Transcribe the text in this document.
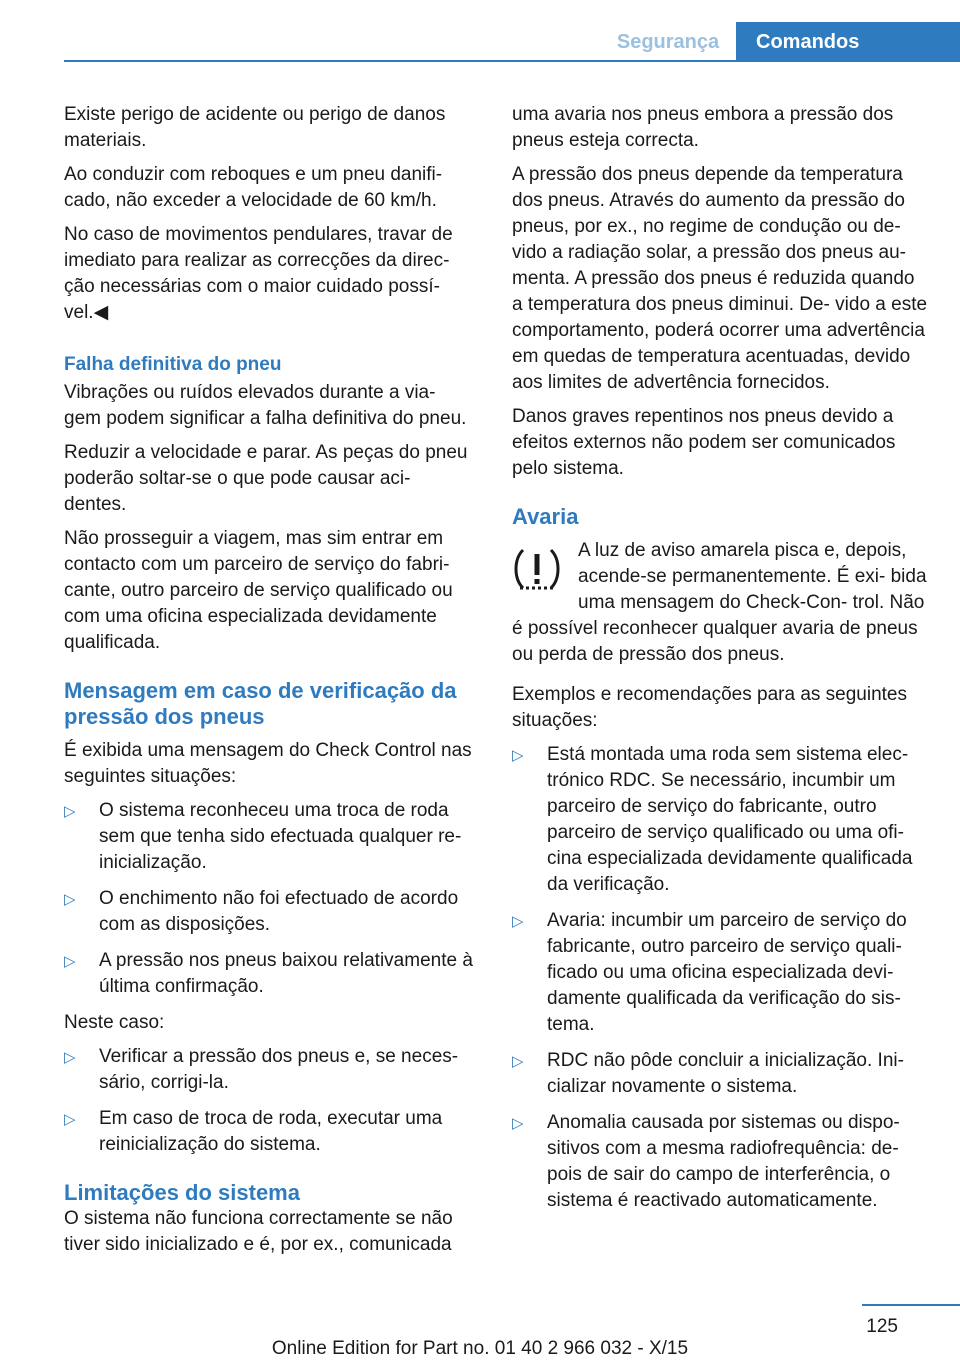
Segurança	Comandos

Existe perigo de acidente ou perigo de danos materiais.

Ao conduzir com reboques e um pneu danifi‐ cado, não exceder a velocidade de 60 km/h.

No caso de movimentos pendulares, travar de imediato para realizar as correcções da direc‐ ção necessárias com o maior cuidado possí‐ vel.◀

Falha definitiva do pneu

Vibrações ou ruídos elevados durante a via‐ gem podem significar a falha definitiva do pneu.

Reduzir a velocidade e parar. As peças do pneu poderão soltar-se o que pode causar aci‐ dentes.

Não prosseguir a viagem, mas sim entrar em contacto com um parceiro de serviço do fabri‐ cante, outro parceiro de serviço qualificado ou com uma oficina especializada devidamente qualificada.

Mensagem em caso de verificação da pressão dos pneus

É exibida uma mensagem do Check Control nas seguintes situações:

▷ O sistema reconheceu uma troca de roda sem que tenha sido efectuada qualquer re‐ inicialização.
▷ O enchimento não foi efectuado de acordo com as disposições.
▷ A pressão nos pneus baixou relativamente à última confirmação.

Neste caso:

▷ Verificar a pressão dos pneus e, se neces‐ sário, corrigi-la.
▷ Em caso de troca de roda, executar uma reinicialização do sistema.
Limitações do sistema

O sistema não funciona correctamente se não tiver sido inicializado e é, por ex., comunicada

uma avaria nos pneus embora a pressão dos pneus esteja correcta.

A pressão dos pneus depende da temperatura dos pneus. Através do aumento da pressão do pneus, por ex., no regime de condução ou de‐ vido a radiação solar, a pressão dos pneus au‐ menta. A pressão dos pneus é reduzida quando a temperatura dos pneus diminui. De‐ vido a este comportamento, poderá ocorrer uma advertência em quedas de temperatura acentuadas, devido aos limites de advertência fornecidos.

Danos graves repentinos nos pneus devido a efeitos externos não podem ser comunicados pelo sistema.

Avaria
A luz de aviso amarela pisca e, depois, acende-se permanentemente. É exi‐ bida uma mensagem do Check-Con‐ trol. Não é possível reconhecer qualquer avaria de pneus ou perda de pressão dos pneus.

Exemplos e recomendações para as seguintes situações:

▷ Está montada uma roda sem sistema elec‐ trónico RDC. Se necessário, incumbir um parceiro de serviço do fabricante, outro parceiro de serviço qualificado ou uma ofi‐ cina especializada devidamente qualificada da verificação.
▷ Avaria: incumbir um parceiro de serviço do fabricante, outro parceiro de serviço quali‐ ficado ou uma oficina especializada devi‐ damente qualificada da verificação do sis‐ tema.
▷ RDC não pôde concluir a inicialização. Ini‐ cializar novamente o sistema.
▷ Anomalia causada por sistemas ou dispo‐ sitivos com a mesma radiofrequência: de‐ pois de sair do campo de interferência, o sistema é reactivado automaticamente.
125
Online Edition for Part no. 01 40 2 966 032 - X/15
